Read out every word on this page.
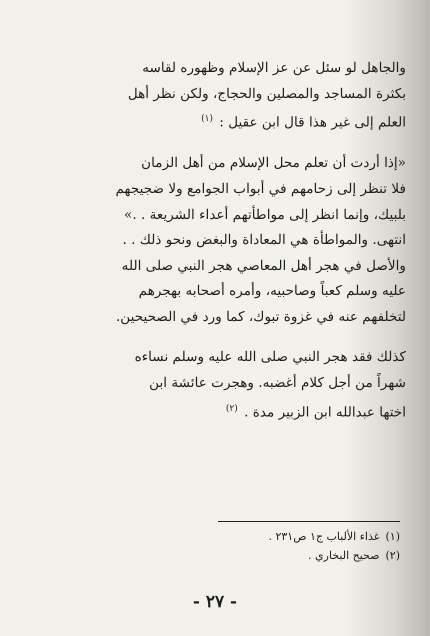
والجاهل لو سئل عن عز الإسلام وظهوره لقاسه
بكثرة المساجد والمصلين والحجاج، ولكن نظر أهل
العلم إلى غير هذا قال ابن عقيل : $^{(١)}$

«إذا أردت أن تعلم محل الإسلام من أهل الزمان
فلا تنظر إلى زحامهم في أبواب الجوامع ولا ضجيجهم
بلبيك، وإنما انظر إلى مواطأتهم أعداء الشريعة . .»
انتهى. والمواطأة هي المعاداة والبغض ونحو ذلك . .
والأصل في هجر أهل المعاصي هجر النبي صلى الله
عليه وسلم كعباً وصاحبيه، وأمره أصحابه بهجرهم
لتخلفهم عنه في غزوة تبوك، كما ورد في الصحيحين.

كذلك فقد هجر النبي صلى الله عليه وسلم نساءه
شهراً من أجل كلام أغضبه. وهجرت عائشة ابن
اختها عبدالله ابن الزبير مدة . $^{(٢)}$

(١)غذاء الألباب ج١ ص٢٣١ .
(٢)صحيح البخاري .
- ٢٧ -
